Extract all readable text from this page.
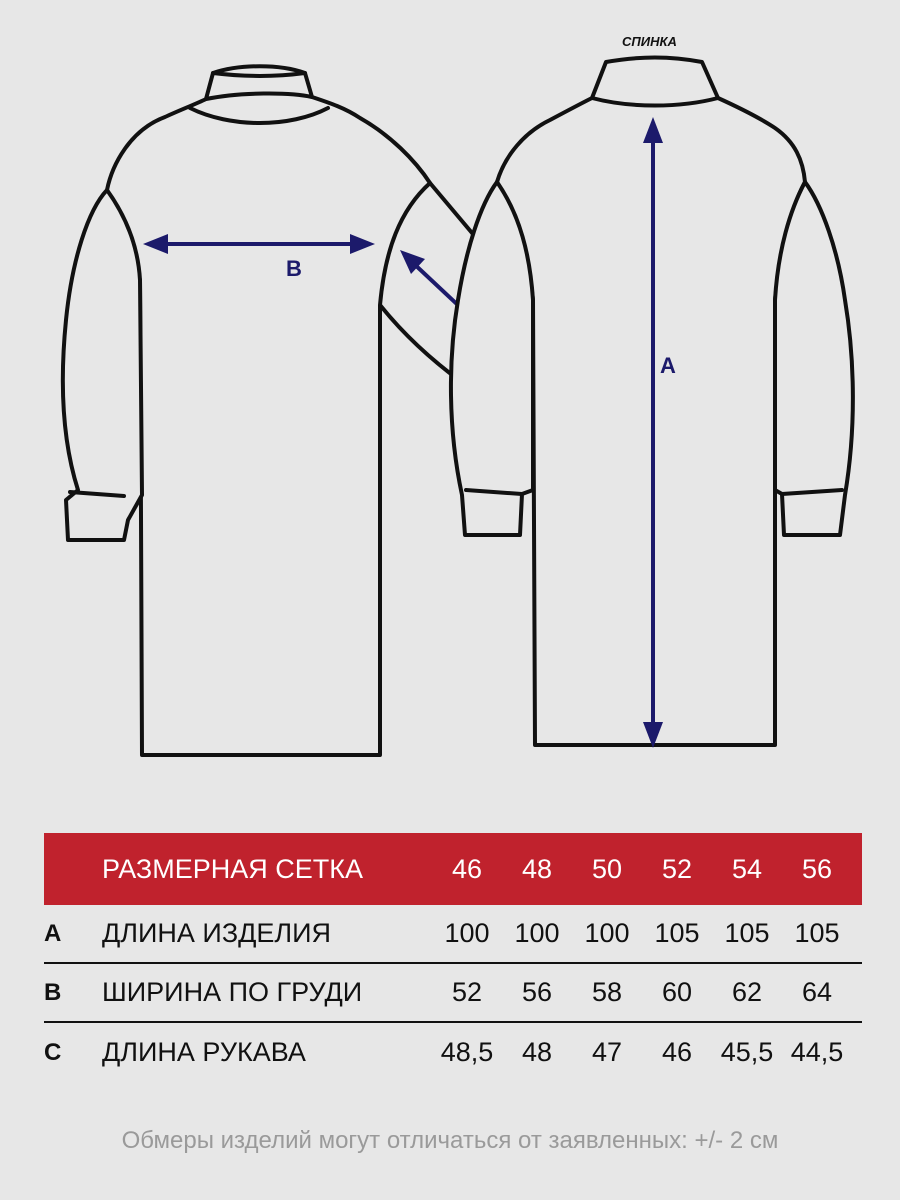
B
СПИНКА
A
РАЗМЕРНАЯ СЕТКА	46	48	50	52	54	56
A	ДЛИНА ИЗДЕЛИЯ	100 100 100 105 105 105
B	ШИРИНА ПО ГРУДИ	52	56	58	60	62	64
C	ДЛИНА РУКАВА	48,5	48	47	46	45,5 44,5
Обмеры изделий могут отличаться от заявленных: +/- 2 см
